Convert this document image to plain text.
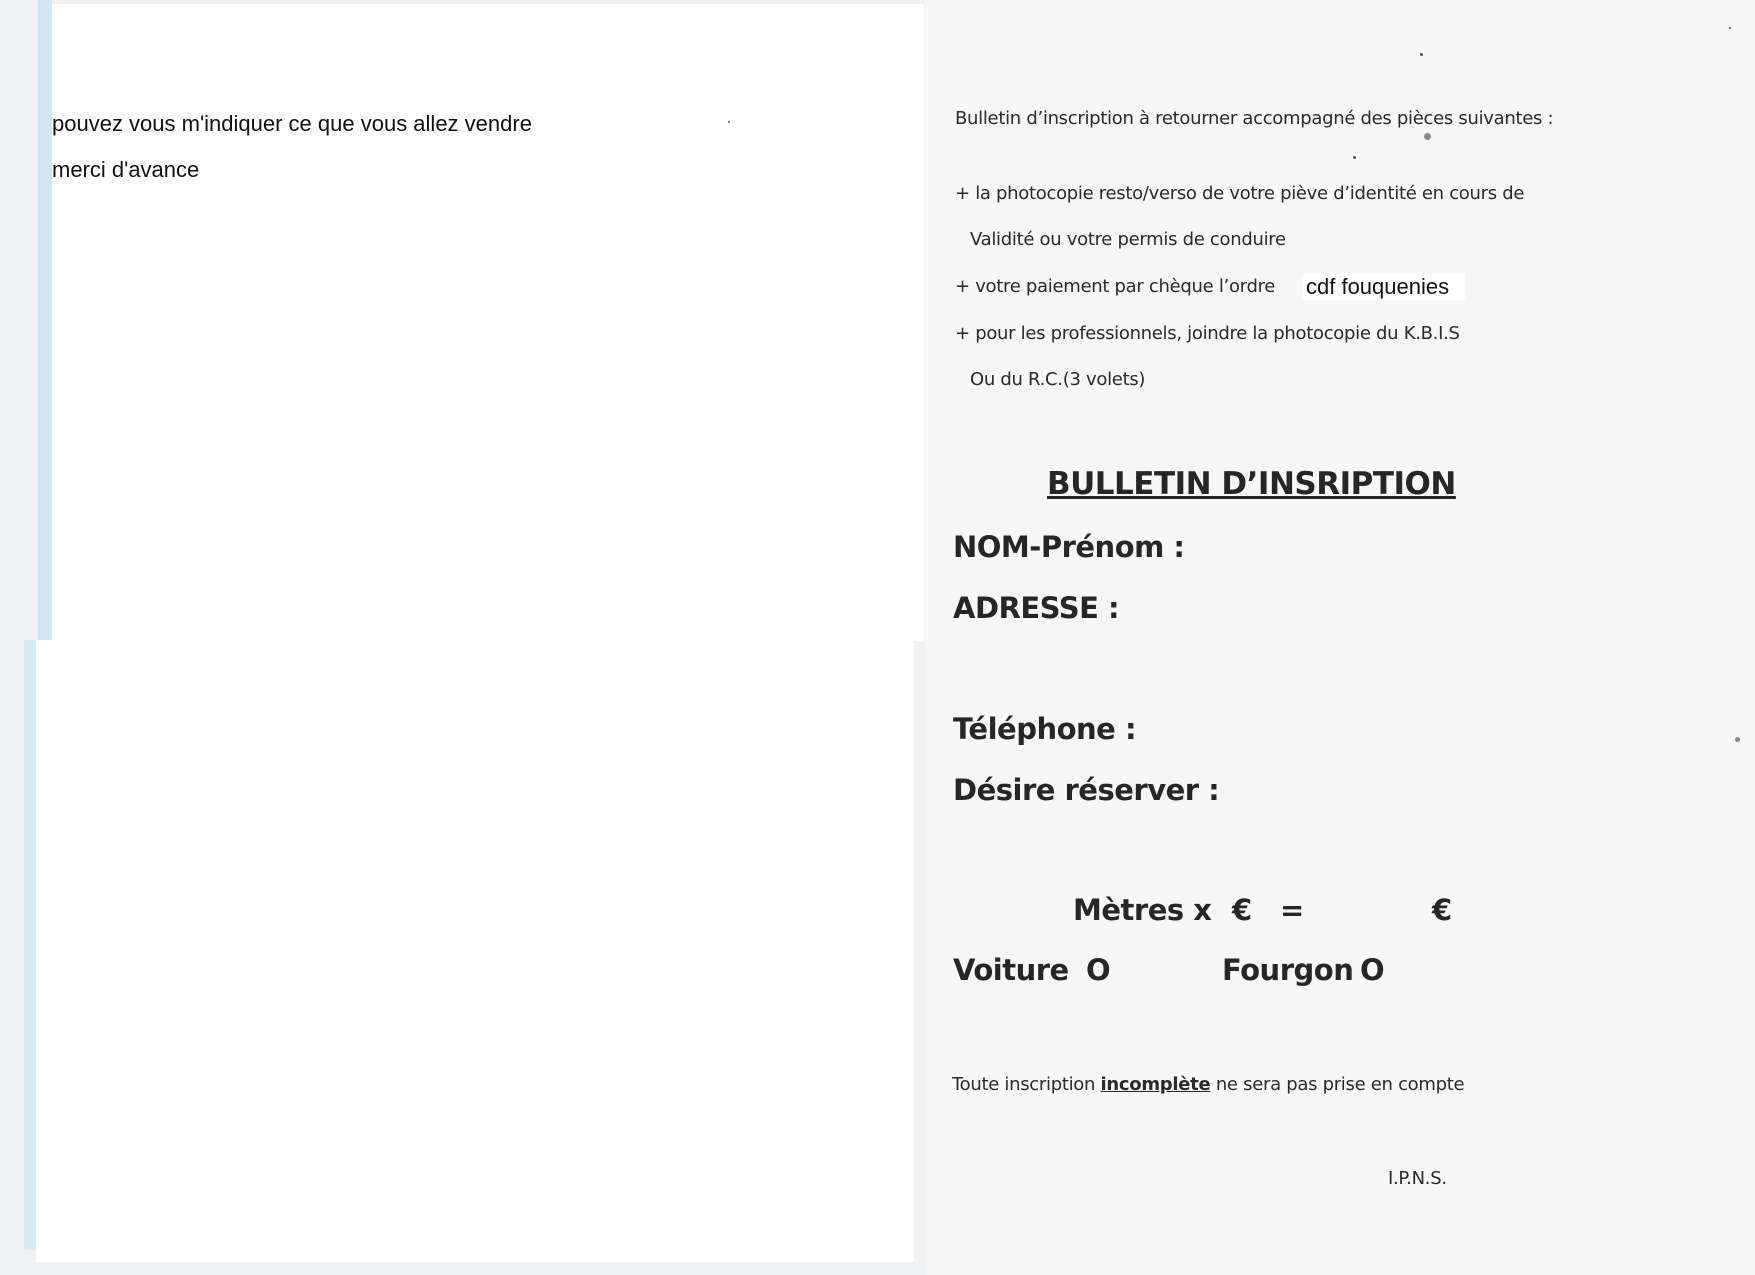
pouvez vous m'indiquer ce que vous allez vendre
merci d'avance
Bulletin d’inscription à retourner accompagné des pièces suivantes :
+ la photocopie resto/verso de votre piève d’identité en cours de
Validité ou votre permis de conduire
+ votre paiement par chèque l’ordre cdf fouquenies
+ pour les professionnels, joindre la photocopie du K.B.I.S
Ou du R.C.(3 volets)
BULLETIN D’INSRIPTION
NOM-Prénom :
ADRESSE :
Téléphone :
Désire réserver :
Mètres x € =	€
Voiture O	Fourgon O
Toute inscription incomplète ne sera pas prise en compte
I.P.N.S.
